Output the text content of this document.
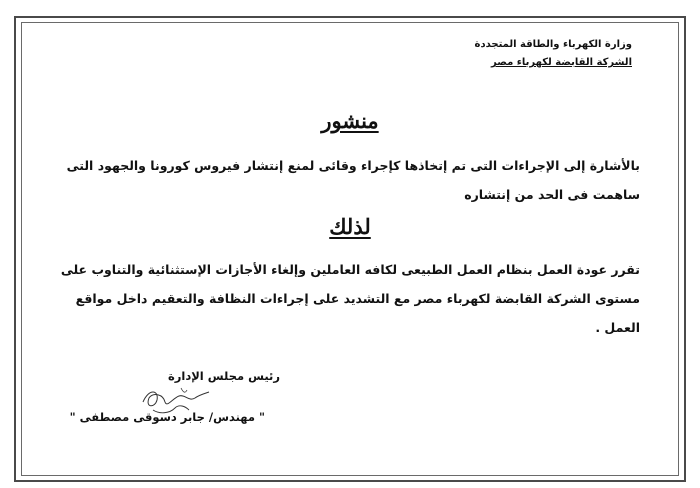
وزارة الكهرباء والطاقة المتجددة
الشركة القابضة لكهرباء مصر
منشور
بالأشارة إلى الإجراءات التى تم إتخاذها كإجراء وقائى لمنع إنتشار فيروس كورونا والجهود التى ساهمت فى الحد من إنتشاره
لذلك
تقرر عودة العمل بنظام العمل الطبيعى لكافه العاملين وإلغاء الأجازات الإستثنائية والتناوب على مستوى الشركة القابضة لكهرباء مصر مع التشديد على إجراءات النظافة والتعقيم داخل مواقع العمل .
رئيس مجلس الإدارة
" مهندس/ جابر دسوقى مصطفى "
